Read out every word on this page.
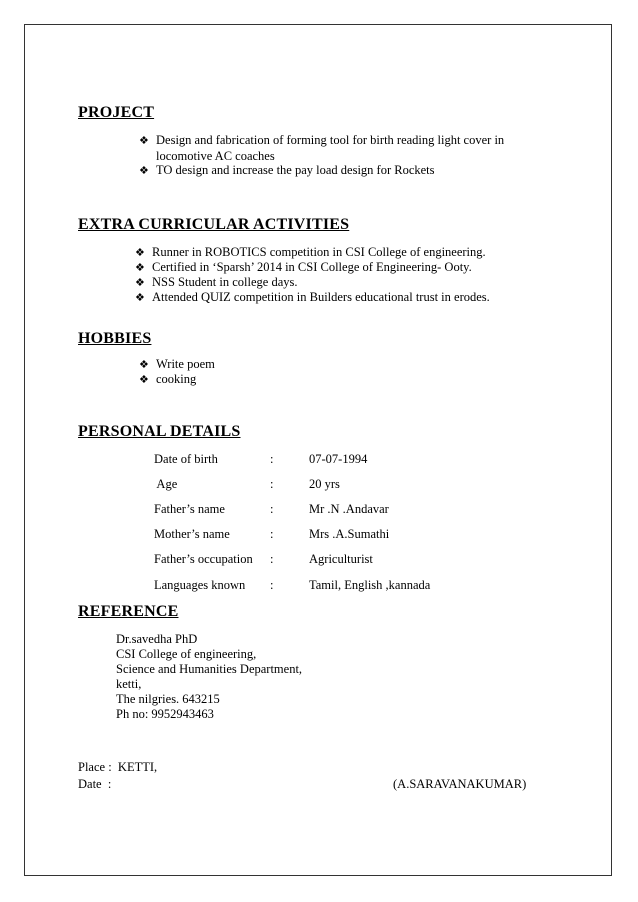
PROJECT
❖ Design and fabrication of forming tool for birth reading light cover in
locomotive AC coaches
❖ TO design and increase the pay load design for Rockets
EXTRA CURRICULAR ACTIVITIES
❖ Runner in ROBOTICS competition in CSI College of engineering.
❖ Certified in ‘Sparsh’ 2014 in CSI College of Engineering- Ooty.
❖ NSS Student in college days.
❖ Attended QUIZ competition in Builders educational trust in erodes.
HOBBIES
❖ Write poem
❖ cooking
PERSONAL DETAILS
Date of birth	:	07-07-1994
Age	:	20 yrs
Father’s name	:	Mr .N .Andavar
Mother’s name	:	Mrs .A.Sumathi
Father’s occupation :	Agriculturist
Languages known :	Tamil, English ,kannada
REFERENCE
Dr.savedha PhD
CSI College of engineering,
Science and Humanities Department,
ketti,
The nilgries. 643215
Ph no: 9952943463
Place :  KETTI,
Date  :	(A.SARAVANAKUMAR)
